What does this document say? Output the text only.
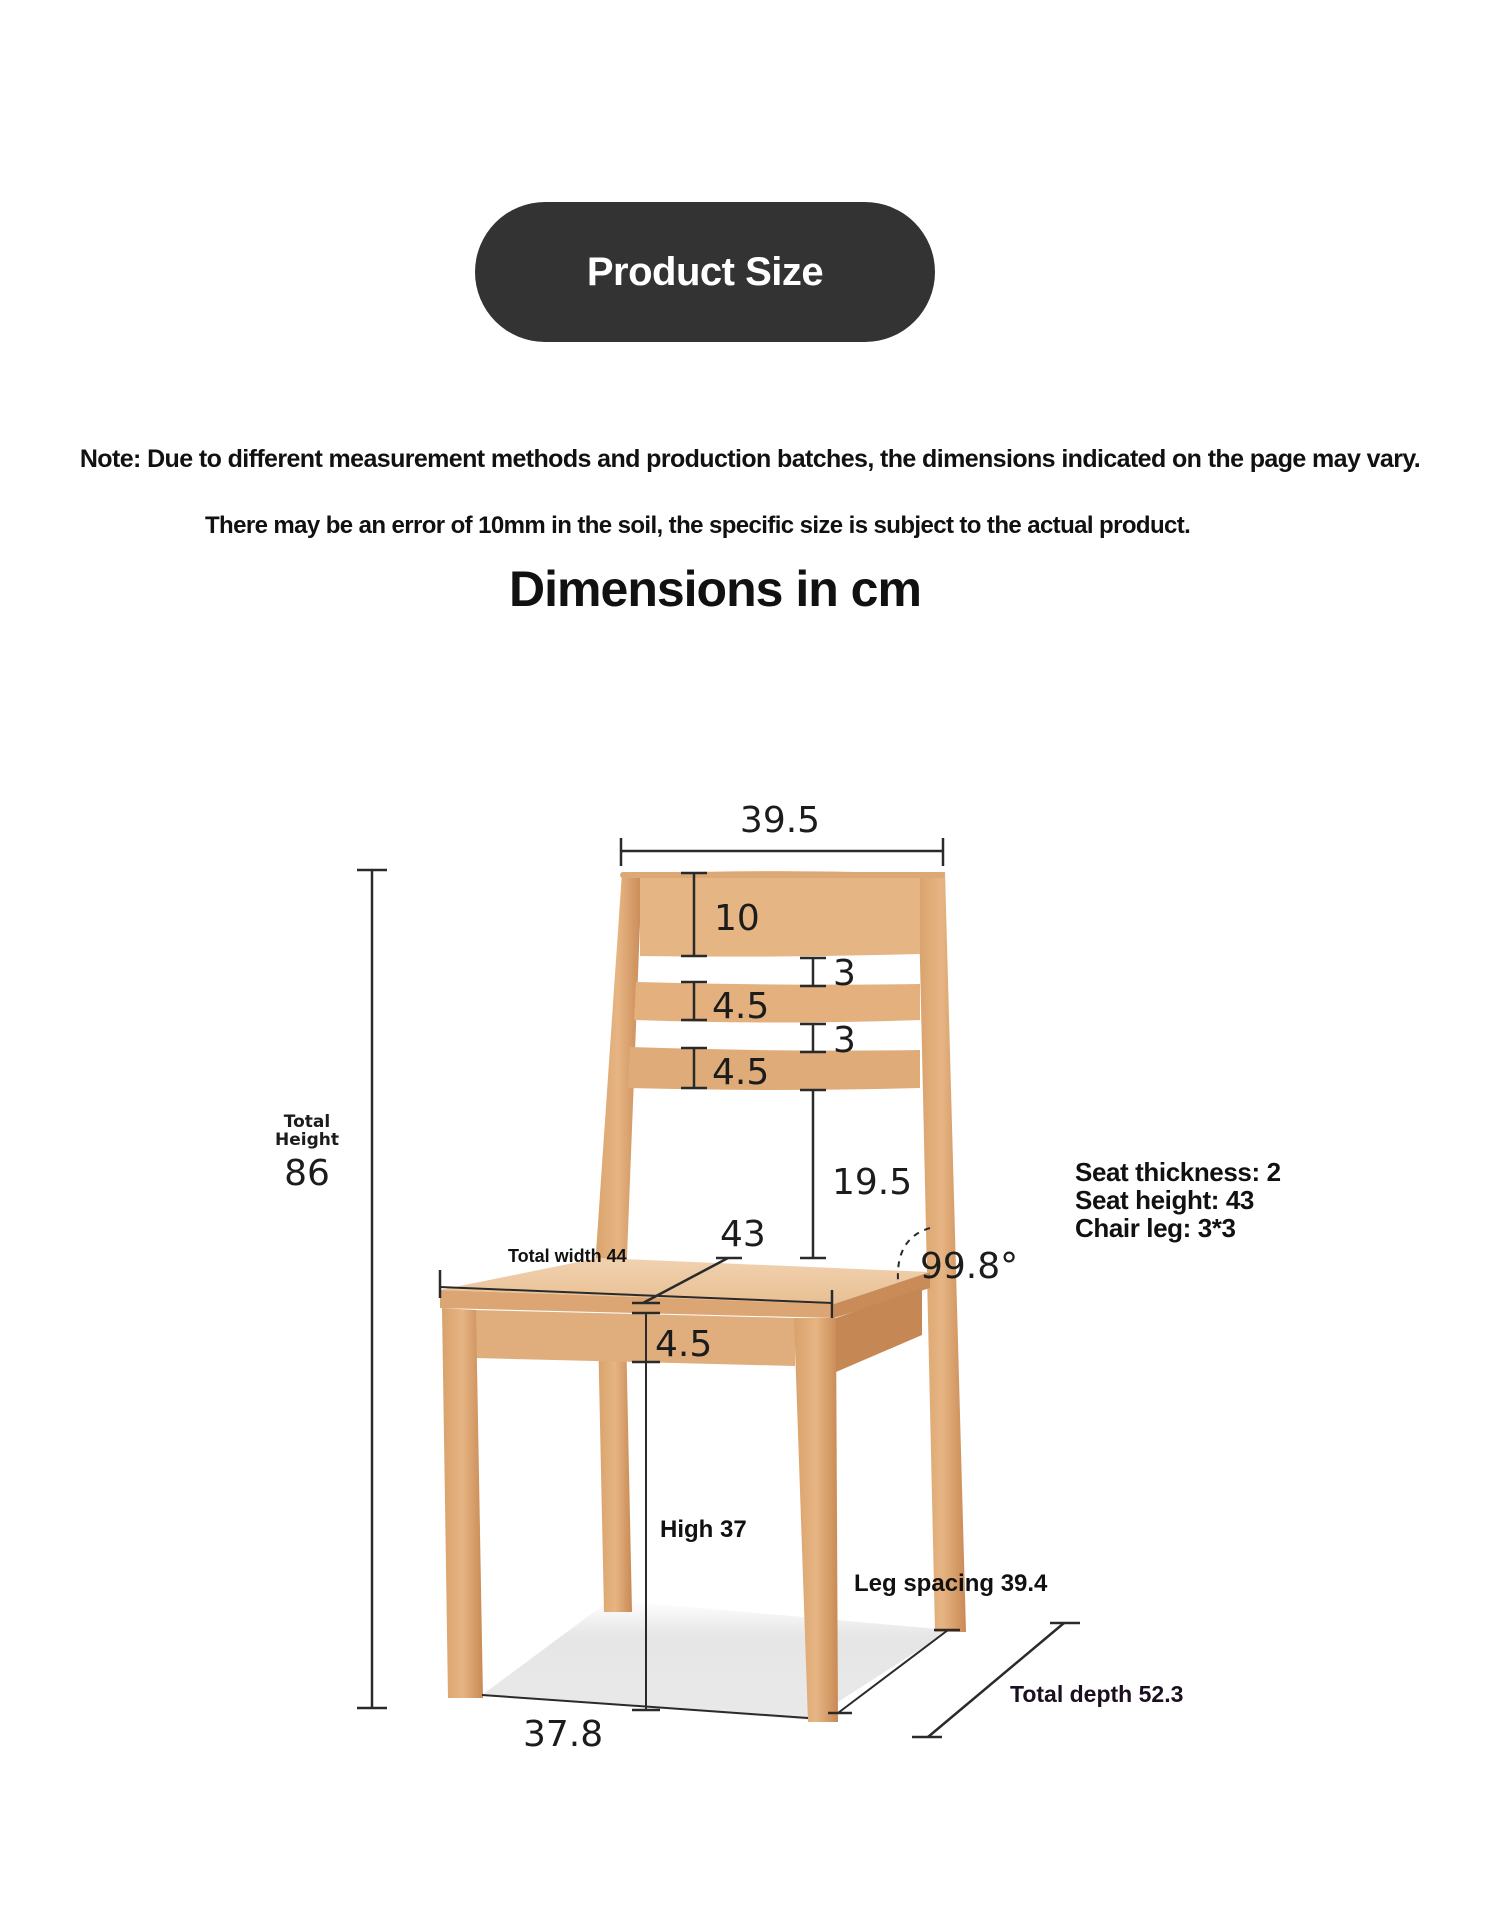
Product Size
Note: Due to different measurement methods and production batches, the dimensions indicated on the page may vary.
There may be an error of 10mm in the soil, the specific size is subject to the actual product.
Dimensions in cm
Total
Height
86
39.5
10
3
4.5
3
4.5
19.5
43
Total width 44
4.5
99.8°
High 37
Leg spacing 39.4
37.8
Total depth 52.3
Seat thickness: 2
Seat height: 43
Chair leg: 3*3
